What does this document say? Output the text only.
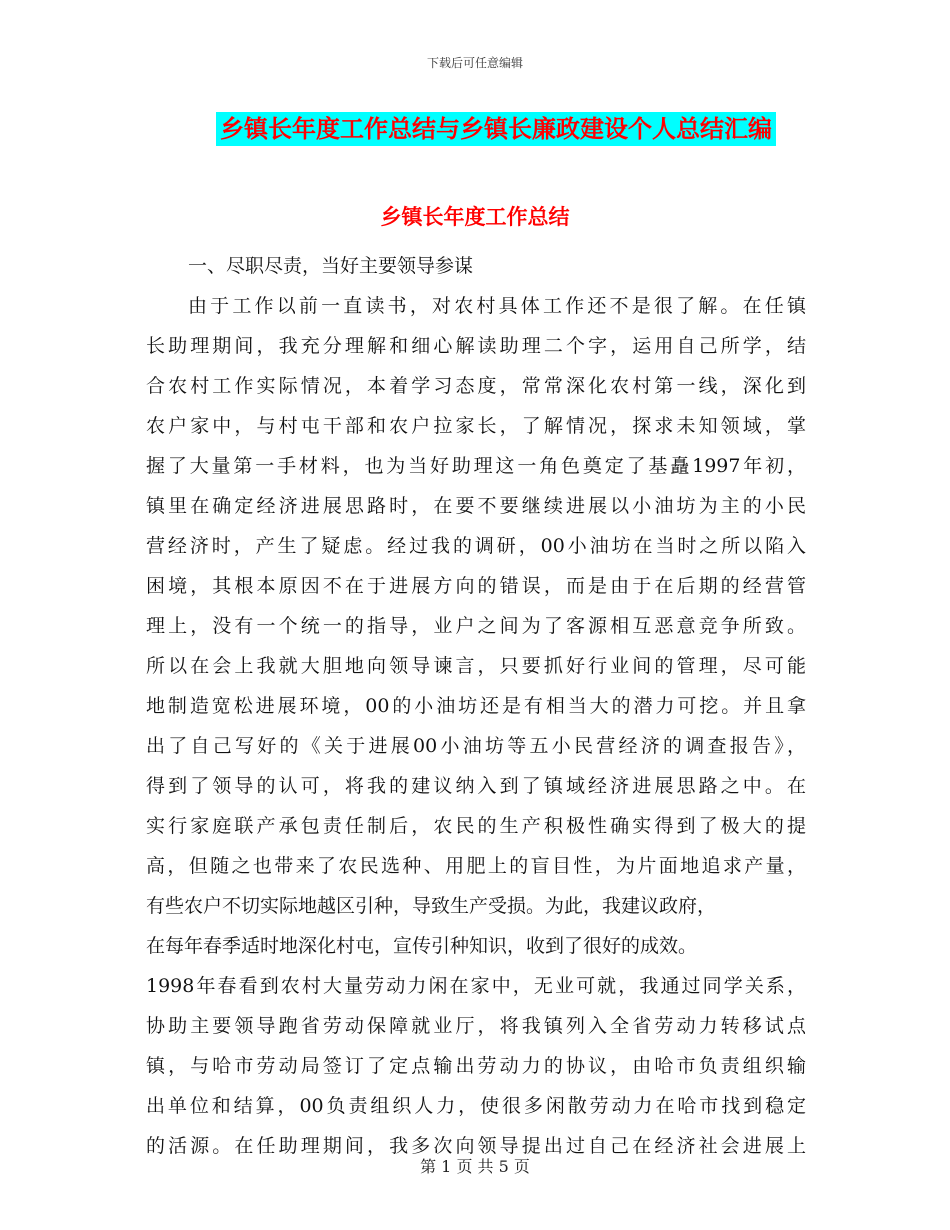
下载后可任意编辑
乡镇长年度工作总结与乡镇长廉政建设个人总结汇编
乡镇长年度工作总结
一、尽职尽责，当好主要领导参谋
由于工作以前一直读书，对农村具体工作还不是很了解。在任镇
长助理期间，我充分理解和细心解读助理二个字，运用自己所学，结
合农村工作实际情况，本着学习态度，常常深化农村第一线，深化到
农户家中，与村屯干部和农户拉家长，了解情况，探求未知领域，掌
握了大量第一手材料，也为当好助理这一角色奠定了基矗1997年初，
镇里在确定经济进展思路时，在要不要继续进展以小油坊为主的小民
营经济时，产生了疑虑。经过我的调研，00小油坊在当时之所以陷入
困境，其根本原因不在于进展方向的错误，而是由于在后期的经营管
理上，没有一个统一的指导，业户之间为了客源相互恶意竞争所致。
所以在会上我就大胆地向领导谏言，只要抓好行业间的管理，尽可能
地制造宽松进展环境，00的小油坊还是有相当大的潜力可挖。并且拿
出了自己写好的《关于进展00小油坊等五小民营经济的调查报告》，
得到了领导的认可，将我的建议纳入到了镇域经济进展思路之中。在
实行家庭联产承包责任制后，农民的生产积极性确实得到了极大的提
高，但随之也带来了农民选种、用肥上的盲目性，为片面地追求产量，
有些农户不切实际地越区引种，导致生产受损。为此，我建议政府，
在每年春季适时地深化村屯，宣传引种知识，收到了很好的成效。
1998年春看到农村大量劳动力闲在家中，无业可就，我通过同学关系，
协助主要领导跑省劳动保障就业厅，将我镇列入全省劳动力转移试点
镇，与哈市劳动局签订了定点输出劳动力的协议，由哈市负责组织输
出单位和结算，00负责组织人力，使很多闲散劳动力在哈市找到稳定
的活源。在任助理期间，我多次向领导提出过自己在经济社会进展上
第 1 页 共 5 页
